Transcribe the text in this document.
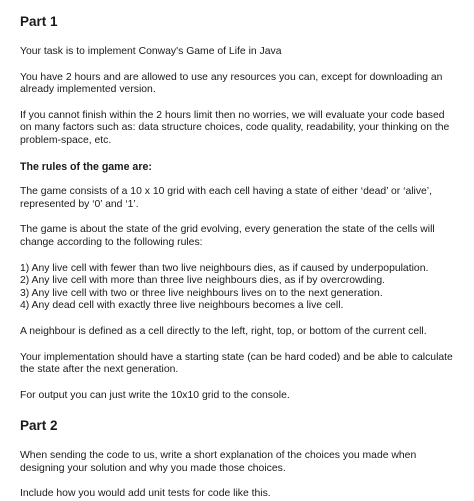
Part 1

Your task is to implement Conway's Game of Life in Java

You have 2 hours and are allowed to use any resources you can, except for downloading an already implemented version.

If you cannot finish within the 2 hours limit then no worries, we will evaluate your code based on many factors such as: data structure choices, code quality, readability, your thinking on the problem-space, etc.

The rules of the game are:

The game consists of a 10 x 10 grid with each cell having a state of either ‘dead’ or ‘alive’, represented by ‘0’ and ‘1’.

The game is about the state of the grid evolving, every generation the state of the cells will change according to the following rules:

1) Any live cell with fewer than two live neighbours dies, as if caused by underpopulation.
2) Any live cell with more than three live neighbours dies, as if by overcrowding.
3) Any live cell with two or three live neighbours lives on to the next generation.
4) Any dead cell with exactly three live neighbours becomes a live cell.

A neighbour is defined as a cell directly to the left, right, top, or bottom of the current cell.

Your implementation should have a starting state (can be hard coded) and be able to calculate the state after the next generation.

For output you can just write the 10x10 grid to the console.

Part 2

When sending the code to us, write a short explanation of the choices you made when designing your solution and why you made those choices.

Include how you would add unit tests for code like this.
